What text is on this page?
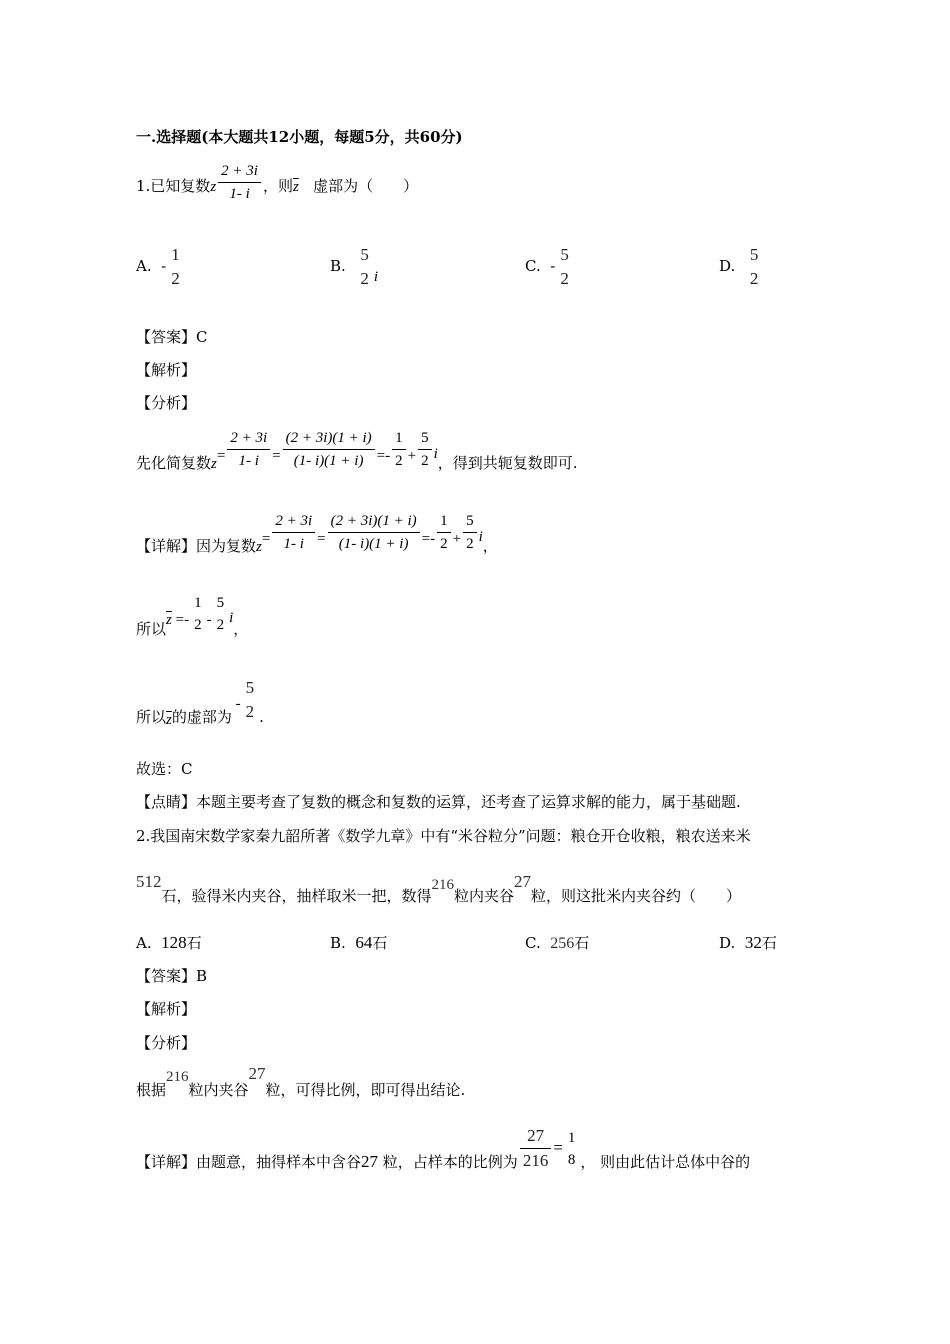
一.选择题(本大题共12小题，每题5分，共60分)
1.已知复数z $\frac{2 + 3i}{1- i}$ ，则$\overline{z}$ 虚部为（　　）
A. -
1
2
B.
5
2 i
C. -
5
2
D.
5
2
【答案】C
【解析】
【分析】
先化简复数$z= \frac{2 + 3i}{1- i} = \frac{(2 + 3i)(1 + i)}{(1- i)(1 + i)} =- \frac{1}{2} + \frac{5}{2}$ i，得到共轭复数即可.
【详解】因为复数$z= \frac{2 + 3i}{1- i} = \frac{(2 + 3i)(1 + i)}{(1- i)(1 + i)} =- \frac{1}{2} + \frac{5}{2}$ i，
所以$\overline{z}$ =-
1
2 -
5
2 i，
所以$\overline{z}$的虚部为 -
5
2 .
故选：C
【点睛】本题主要考查了复数的概念和复数的运算，还考查了运算求解的能力，属于基础题.
2.我国南宋数学家秦九韶所著《数学九章》中有“米谷粒分”问题：粮仓开仓收粮，粮农送来米
512石，验得米内夹谷，抽样取米一把，数得216粒内夹谷27粒，则这批米内夹谷约（　　）
A. 128石	B. 64石	C. 256石	D. 32石
【答案】B
【解析】
【分析】
根据216粒内夹谷27粒，可得比例，即可得出结论.
【详解】由题意，抽得样本中含谷27 粒，占样本的比例为 $\frac{27}{216} = 1$
8 ， 则由此估计总体中谷的
